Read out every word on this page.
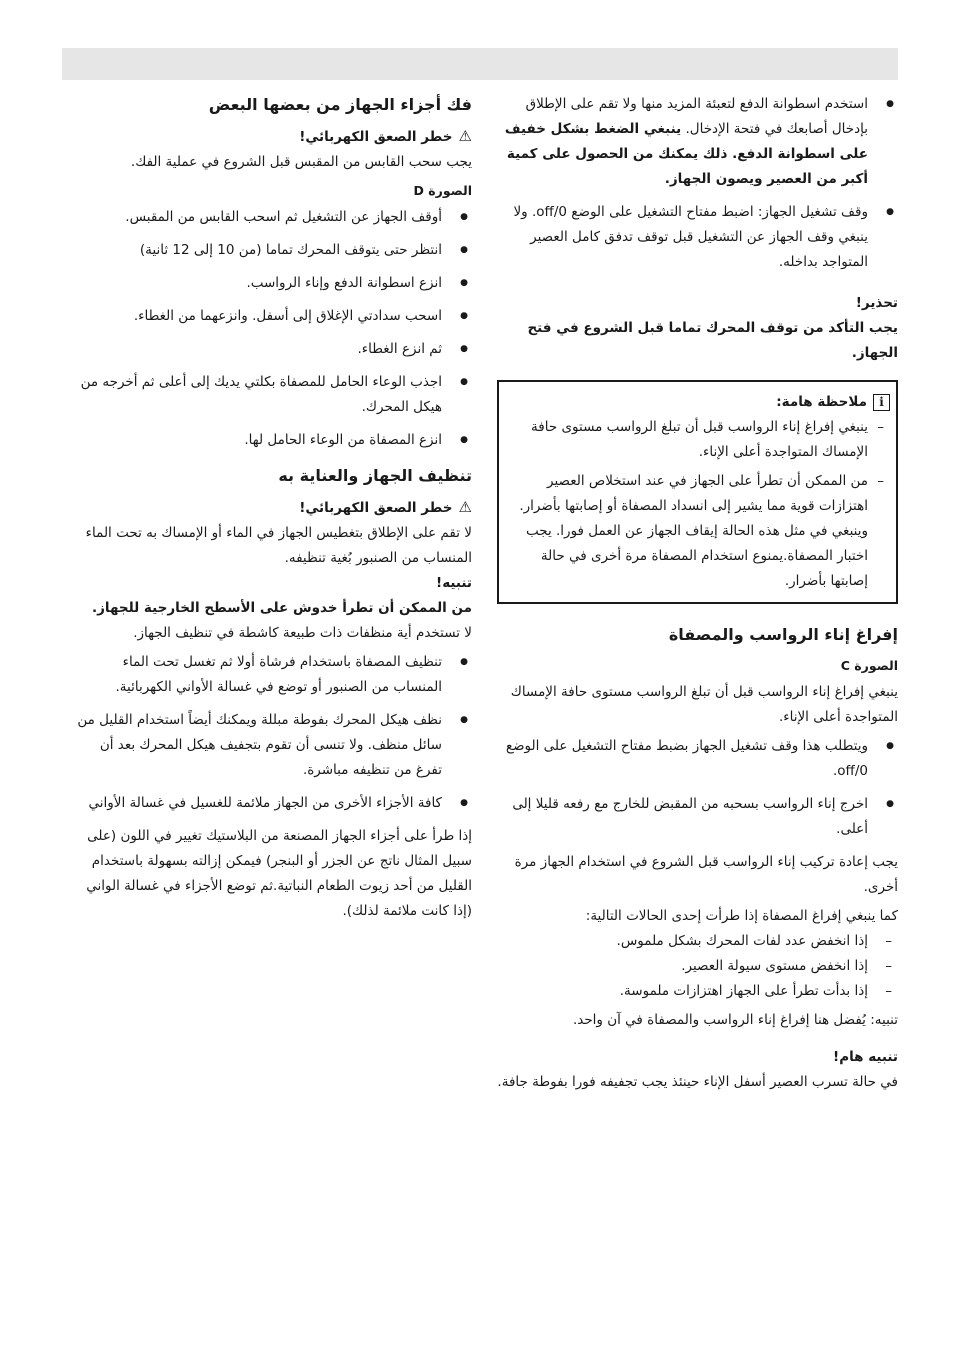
● استخدم اسطوانة الدفع لتعبئة المزيد منها ولا تقم على الإطلاق بإدخال أصابعك في فتحة الإدخال. ينبغي الضغط بشكل خفيف على اسطوانة الدفع. ذلك يمكنك من الحصول على كمية أكبر من العصير ويصون الجهاز.
● وقف تشغيل الجهاز: اضبط مفتاح التشغيل على الوضع off/0. ولا ينبغي وقف الجهاز عن التشغيل قبل توقف تدفق كامل العصير المتواجد بداخله.
تحذير!

يجب التأكد من توقف المحرك تماما قبل الشروع في فتح الجهاز.

iملاحظة هامة:
– ينبغي إفراغ إناء الرواسب قبل أن تبلغ الرواسب مستوى حافة الإمساك المتواجدة أعلى الإناء.
– من الممكن أن تطرأ على الجهاز في عند استخلاص العصير اهتزازات قوية مما يشير إلى انسداد المصفاة أو إصابتها بأضرار. وينبغي في مثل هذه الحالة إيقاف الجهاز عن العمل فورا. يجب اختبار المصفاة.يمنوع استخدام المصفاة مرة أخرى في حالة إصابتها بأضرار.
إفراغ إناء الرواسب والمصفاة
الصورة C

ينبغي إفراغ إناء الرواسب قبل أن تبلغ الرواسب مستوى حافة الإمساك المتواجدة أعلى الإناء.

● ويتطلب هذا وقف تشغيل الجهاز بضبط مفتاح التشغيل على الوضع off/0.
● اخرج إناء الرواسب بسحبه من المقبض للخارج مع رفعه قليلا إلى أعلى.

يجب إعادة تركيب إناء الرواسب قبل الشروع في استخدام الجهاز مرة أخرى.

كما ينبغي إفراغ المصفاة إذا طرأت إحدى الحالات التالية:

– إذا انخفض عدد لفات المحرك بشكل ملموس.
– إذا انخفض مستوى سيولة العصير.
– إذا بدأت تطرأ على الجهاز اهتزازات ملموسة.

تنبيه: يُفضل هنا إفراغ إناء الرواسب والمصفاة في آن واحد.

تنبيه هام!

في حالة تسرب العصير أسفل الإناء حينئذ يجب تجفيفه فورا بفوطة جافة.

فك أجزاء الجهاز من بعضها البعض
⚠خطر الصعق الكهربائي!

يجب سحب القابس من المقبس قبل الشروع في عملية الفك.

الصورة D
● أوقف الجهاز عن التشغيل ثم اسحب القابس من المقبس.
● انتظر حتى يتوقف المحرك تماما (من 10 إلى 12 ثانية)
● انزع اسطوانة الدفع وإناء الرواسب.
● اسحب سدادتي الإغلاق إلى أسفل. وانزعهما من الغطاء.
● ثم انزع الغطاء.
● اجذب الوعاء الحامل للمصفاة بكلتي يديك إلى أعلى ثم أخرجه من هيكل المحرك.
● انزع المصفاة من الوعاء الحامل لها.
تنظيف الجهاز والعناية به
⚠خطر الصعق الكهربائي!

لا تقم على الإطلاق بتغطيس الجهاز في الماء أو الإمساك به تحت الماء المنساب من الصنبور بُغية تنظيفه.

تنبيه!

من الممكن أن تطرأ خدوش على الأسطح الخارجية للجهاز.

لا تستخدم أية منظفات ذات طبيعة كاشطة في تنظيف الجهاز.

● تنظيف المصفاة باستخدام فرشاة أولا ثم تغسل تحت الماء المنساب من الصنبور أو توضع في غسالة الأواني الكهربائية.
● نظف هيكل المحرك بفوطة مبللة ويمكنك أيضاً استخدام القليل من سائل منظف. ولا تنسى أن تقوم بتجفيف هيكل المحرك بعد أن تفرغ من تنظيفه مباشرة.
● كافة الأجزاء الأخرى من الجهاز ملائمة للغسيل في غسالة الأواني

إذا طرأ على أجزاء الجهاز المصنعة من البلاستيك تغيير في اللون (على سبيل المثال ناتج عن الجزر أو البنجر) فيمكن إزالته بسهولة باستخدام القليل من أحد زيوت الطعام النباتية.ثم توضع الأجزاء في غسالة الواني (إذا كانت ملائمة لذلك).
